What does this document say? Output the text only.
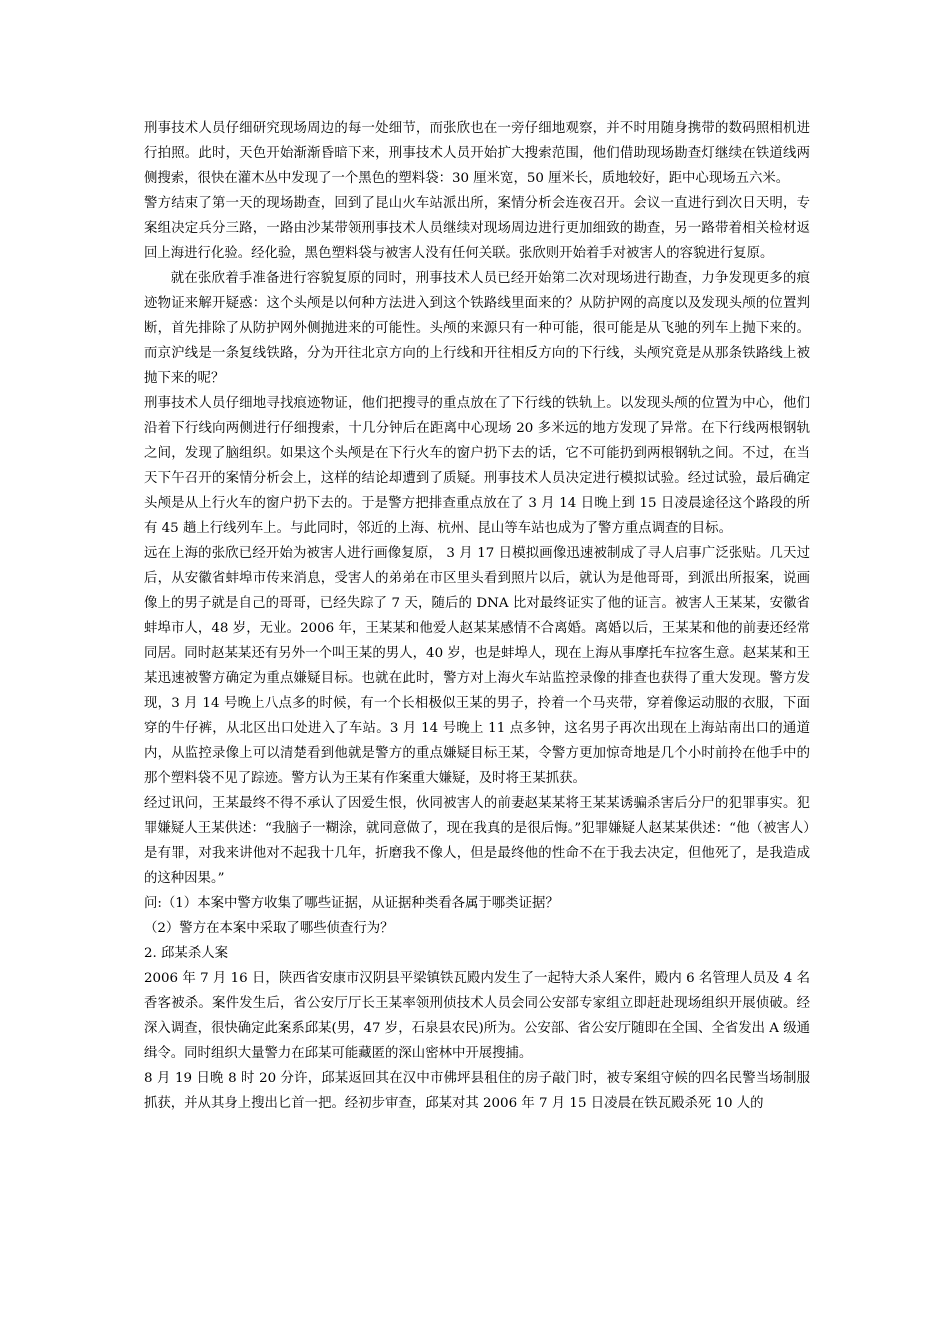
刑事技术人员仔细研究现场周边的每一处细节，而张欣也在一旁仔细地观察，并不时用随身携带的数码照相机进行拍照。此时，天色开始渐渐昏暗下来，刑事技术人员开始扩大搜索范围，他们借助现场勘查灯继续在铁道线两侧搜索，很快在灌木丛中发现了一个黑色的塑料袋：30 厘米宽，50 厘米长，质地较好，距中心现场五六米。

警方结束了第一天的现场勘查，回到了昆山火车站派出所，案情分析会连夜召开。会议一直进行到次日天明，专案组决定兵分三路，一路由沙某带领刑事技术人员继续对现场周边进行更加细致的勘查，另一路带着相关检材返回上海进行化验。经化验，黑色塑料袋与被害人没有任何关联。张欣则开始着手对被害人的容貌进行复原。

就在张欣着手准备进行容貌复原的同时，刑事技术人员已经开始第二次对现场进行勘查，力争发现更多的痕迹物证来解开疑惑：这个头颅是以何种方法进入到这个铁路线里面来的？从防护网的高度以及发现头颅的位置判断，首先排除了从防护网外侧抛进来的可能性。头颅的来源只有一种可能，很可能是从飞驰的列车上抛下来的。而京沪线是一条复线铁路，分为开往北京方向的上行线和开往相反方向的下行线，头颅究竟是从那条铁路线上被抛下来的呢？

刑事技术人员仔细地寻找痕迹物证，他们把搜寻的重点放在了下行线的铁轨上。以发现头颅的位置为中心，他们沿着下行线向两侧进行仔细搜索，十几分钟后在距离中心现场 20 多米远的地方发现了异常。在下行线两根钢轨之间，发现了脑组织。如果这个头颅是在下行火车的窗户扔下去的话，它不可能扔到两根钢轨之间。不过，在当天下午召开的案情分析会上，这样的结论却遭到了质疑。刑事技术人员决定进行模拟试验。经过试验，最后确定头颅是从上行火车的窗户扔下去的。于是警方把排查重点放在了 3 月 14 日晚上到 15 日凌晨途径这个路段的所有 45 趟上行线列车上。与此同时，邻近的上海、杭州、昆山等车站也成为了警方重点调查的目标。

远在上海的张欣已经开始为被害人进行画像复原， 3 月 17 日模拟画像迅速被制成了寻人启事广泛张贴。几天过后，从安徽省蚌埠市传来消息，受害人的弟弟在市区里头看到照片以后，就认为是他哥哥，到派出所报案，说画像上的男子就是自己的哥哥，已经失踪了 7 天，随后的 DNA 比对最终证实了他的证言。被害人王某某，安徽省蚌埠市人，48 岁，无业。2006 年，王某某和他爱人赵某某感情不合离婚。离婚以后，王某某和他的前妻还经常同居。同时赵某某还有另外一个叫王某的男人，40 岁，也是蚌埠人，现在上海从事摩托车拉客生意。赵某某和王某迅速被警方确定为重点嫌疑目标。也就在此时，警方对上海火车站监控录像的排查也获得了重大发现。警方发现，3 月 14 号晚上八点多的时候，有一个长相极似王某的男子，拎着一个马夹带，穿着像运动服的衣服，下面穿的牛仔裤，从北区出口处进入了车站。3 月 14 号晚上 11 点多钟，这名男子再次出现在上海站南出口的通道内，从监控录像上可以清楚看到他就是警方的重点嫌疑目标王某，令警方更加惊奇地是几个小时前拎在他手中的那个塑料袋不见了踪迹。警方认为王某有作案重大嫌疑，及时将王某抓获。

经过讯问，王某最终不得不承认了因爱生恨，伙同被害人的前妻赵某某将王某某诱骗杀害后分尸的犯罪事实。犯罪嫌疑人王某供述：“我脑子一糊涂，就同意做了，现在我真的是很后悔。”犯罪嫌疑人赵某某供述：“他（被害人）是有罪，对我来讲他对不起我十几年，折磨我不像人，但是最终他的性命不在于我去决定，但他死了，是我造成的这种因果。”

问:（1）本案中警方收集了哪些证据，从证据种类看各属于哪类证据？

（2）警方在本案中采取了哪些侦查行为？

2. 邱某杀人案

2006 年 7 月 16 日，陕西省安康市汉阴县平梁镇铁瓦殿内发生了一起特大杀人案件，殿内 6 名管理人员及 4 名香客被杀。案件发生后，省公安厅厅长王某率领刑侦技术人员会同公安部专家组立即赶赴现场组织开展侦破。经深入调查，很快确定此案系邱某(男，47 岁，石泉县农民)所为。公安部、省公安厅随即在全国、全省发出 A 级通缉令。同时组织大量警力在邱某可能藏匿的深山密林中开展搜捕。

8 月 19 日晚 8 时 20 分许，邱某返回其在汉中市佛坪县租住的房子敲门时，被专案组守候的四名民警当场制服抓获，并从其身上搜出匕首一把。经初步审查，邱某对其 2006 年 7 月 15 日凌晨在铁瓦殿杀死 10 人的
